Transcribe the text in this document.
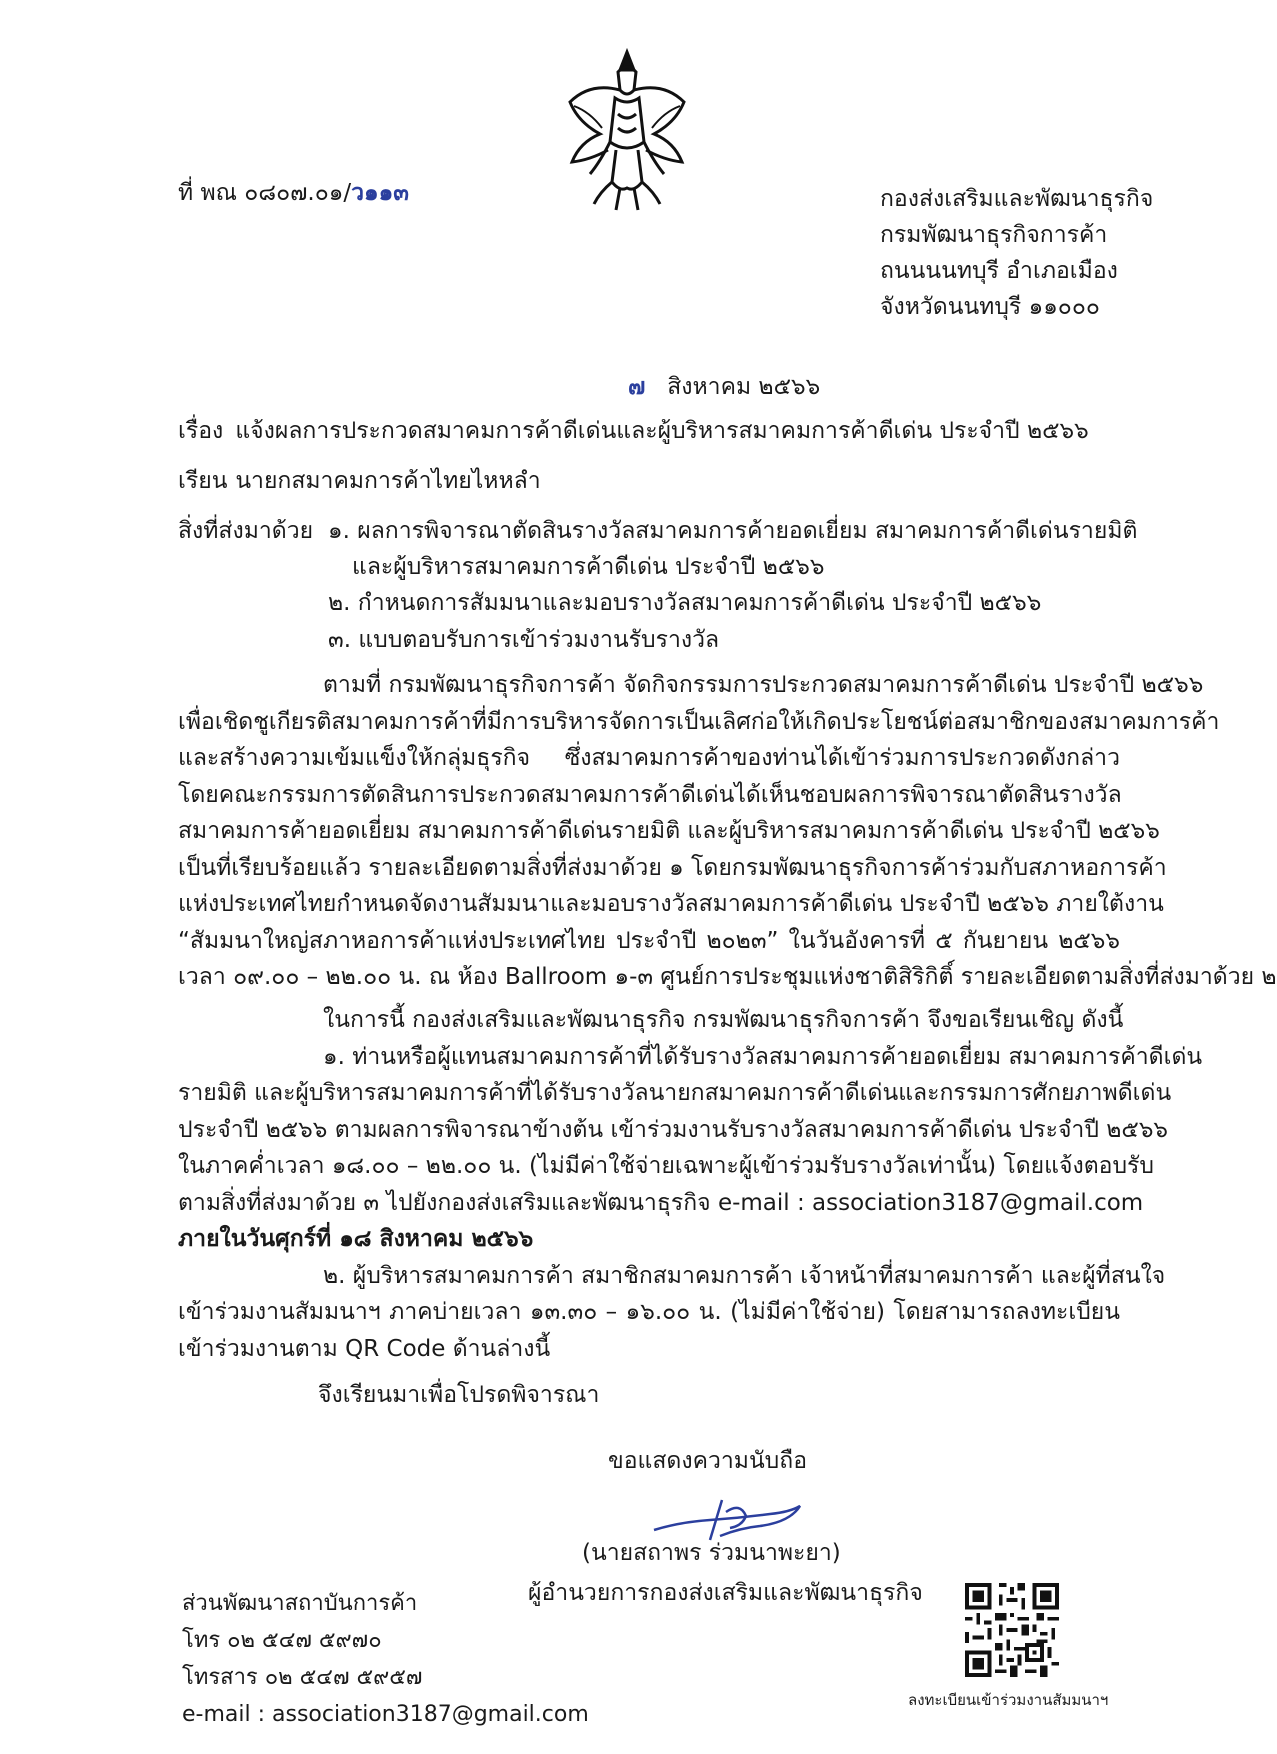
ที่ พณ ๐๘๐๗.๐๑/ว๑๑๓	กองส่งเสริมและพัฒนาธุรกิจ
กรมพัฒนาธุรกิจการค้า
ถนนนนทบุรี อำเภอเมือง
จังหวัดนนทบุรี ๑๑๐๐๐
๗ สิงหาคม ๒๕๖๖
เรื่อง แจ้งผลการประกวดสมาคมการค้าดีเด่นและผู้บริหารสมาคมการค้าดีเด่น ประจำปี ๒๕๖๖
เรียน นายกสมาคมการค้าไทยไหหลำ
สิ่งที่ส่งมาด้วย ๑. ผลการพิจารณาตัดสินรางวัลสมาคมการค้ายอดเยี่ยม สมาคมการค้าดีเด่นรายมิติ
และผู้บริหารสมาคมการค้าดีเด่น ประจำปี ๒๕๖๖
๒. กำหนดการสัมมนาและมอบรางวัลสมาคมการค้าดีเด่น ประจำปี ๒๕๖๖
๓. แบบตอบรับการเข้าร่วมงานรับรางวัล
ตามที่ กรมพัฒนาธุรกิจการค้า จัดกิจกรรมการประกวดสมาคมการค้าดีเด่น ประจำปี ๒๕๖๖
เพื่อเชิดชูเกียรติสมาคมการค้าที่มีการบริหารจัดการเป็นเลิศก่อให้เกิดประโยชน์ต่อสมาชิกของสมาคมการค้า
และสร้างความเข้มแข็งให้กลุ่มธุรกิจ ซึ่งสมาคมการค้าของท่านได้เข้าร่วมการประกวดดังกล่าว
โดยคณะกรรมการตัดสินการประกวดสมาคมการค้าดีเด่นได้เห็นชอบผลการพิจารณาตัดสินรางวัล
สมาคมการค้ายอดเยี่ยม สมาคมการค้าดีเด่นรายมิติ และผู้บริหารสมาคมการค้าดีเด่น ประจำปี ๒๕๖๖
เป็นที่เรียบร้อยแล้ว รายละเอียดตามสิ่งที่ส่งมาด้วย ๑ โดยกรมพัฒนาธุรกิจการค้าร่วมกับสภาหอการค้า
แห่งประเทศไทยกำหนดจัดงานสัมมนาและมอบรางวัลสมาคมการค้าดีเด่น ประจำปี ๒๕๖๖ ภายใต้งาน
“สัมมนาใหญ่สภาหอการค้าแห่งประเทศไทย ประจำปี ๒๐๒๓” ในวันอังคารที่ ๕ กันยายน ๒๕๖๖
เวลา ๐๙.๐๐ – ๒๒.๐๐ น. ณ ห้อง Ballroom ๑-๓ ศูนย์การประชุมแห่งชาติสิริกิติ์ รายละเอียดตามสิ่งที่ส่งมาด้วย ๒
ในการนี้ กองส่งเสริมและพัฒนาธุรกิจ กรมพัฒนาธุรกิจการค้า จึงขอเรียนเชิญ ดังนี้
๑. ท่านหรือผู้แทนสมาคมการค้าที่ได้รับรางวัลสมาคมการค้ายอดเยี่ยม สมาคมการค้าดีเด่น
รายมิติ และผู้บริหารสมาคมการค้าที่ได้รับรางวัลนายกสมาคมการค้าดีเด่นและกรรมการศักยภาพดีเด่น
ประจำปี ๒๕๖๖ ตามผลการพิจารณาข้างต้น เข้าร่วมงานรับรางวัลสมาคมการค้าดีเด่น ประจำปี ๒๕๖๖
ในภาคค่ำเวลา ๑๘.๐๐ – ๒๒.๐๐ น. (ไม่มีค่าใช้จ่ายเฉพาะผู้เข้าร่วมรับรางวัลเท่านั้น) โดยแจ้งตอบรับ
ตามสิ่งที่ส่งมาด้วย ๓ ไปยังกองส่งเสริมและพัฒนาธุรกิจ e-mail : association3187@gmail.com
ภายในวันศุกร์ที่ ๑๘ สิงหาคม ๒๕๖๖
๒. ผู้บริหารสมาคมการค้า สมาชิกสมาคมการค้า เจ้าหน้าที่สมาคมการค้า และผู้ที่สนใจ
เข้าร่วมงานสัมมนาฯ ภาคบ่ายเวลา ๑๓.๓๐ – ๑๖.๐๐ น. (ไม่มีค่าใช้จ่าย) โดยสามารถลงทะเบียน
เข้าร่วมงานตาม QR Code ด้านล่างนี้
จึงเรียนมาเพื่อโปรดพิจารณา
ขอแสดงความนับถือ
(นายสถาพร ร่วมนาพะยา)
ผู้อำนวยการกองส่งเสริมและพัฒนาธุรกิจ
ส่วนพัฒนาสถาบันการค้า
โทร ๐๒ ๕๔๗ ๕๙๗๐
โทรสาร ๐๒ ๕๔๗ ๕๙๕๗
e-mail : association3187@gmail.com
ลงทะเบียนเข้าร่วมงานสัมมนาฯ
